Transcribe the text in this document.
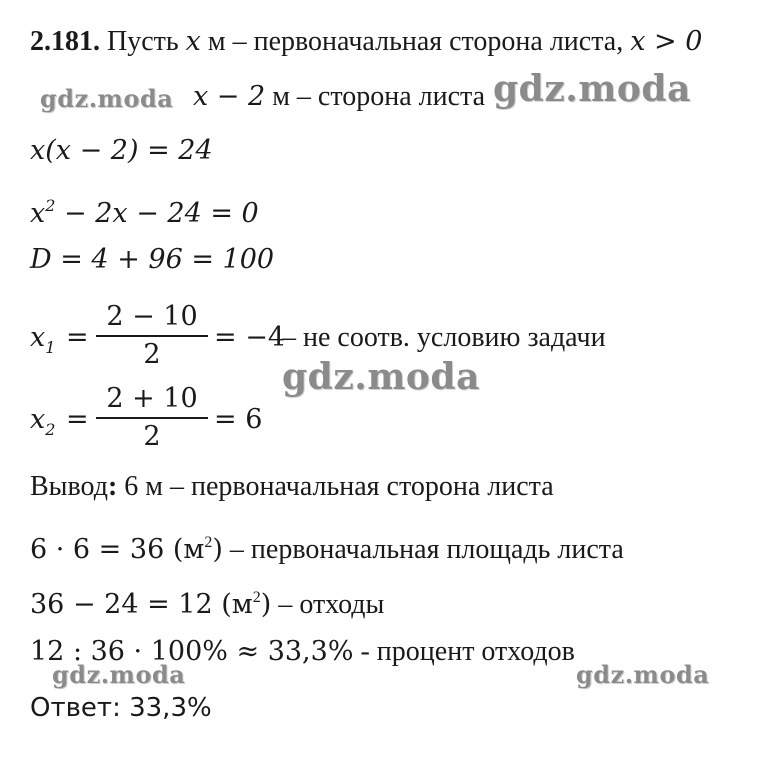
2.181. Пусть x м – первоначальная сторона листа, x > 0
x − 2 м – сторона листа
x(x − 2) = 24
$x^2 - 2x - 24 = 0$
D = 4 + 96 = 100
$x_1$ =
2 − 10
2
= −4
– не соотв. условию задачи
$x_2$ =
2 + 10
2
= 6
Вывод: 6 м – первоначальная сторона листа
6 · 6 = 36 $(м^2)$ – первоначальная площадь листа
36 − 24 = 12 $(м^2)$ – отходы
12 : 36 · 100% ≈ 33,3% - процент отходов
Ответ: 33,3%
gdz.moda	gdz.moda
gdz.moda
gdz.moda	gdz.moda
